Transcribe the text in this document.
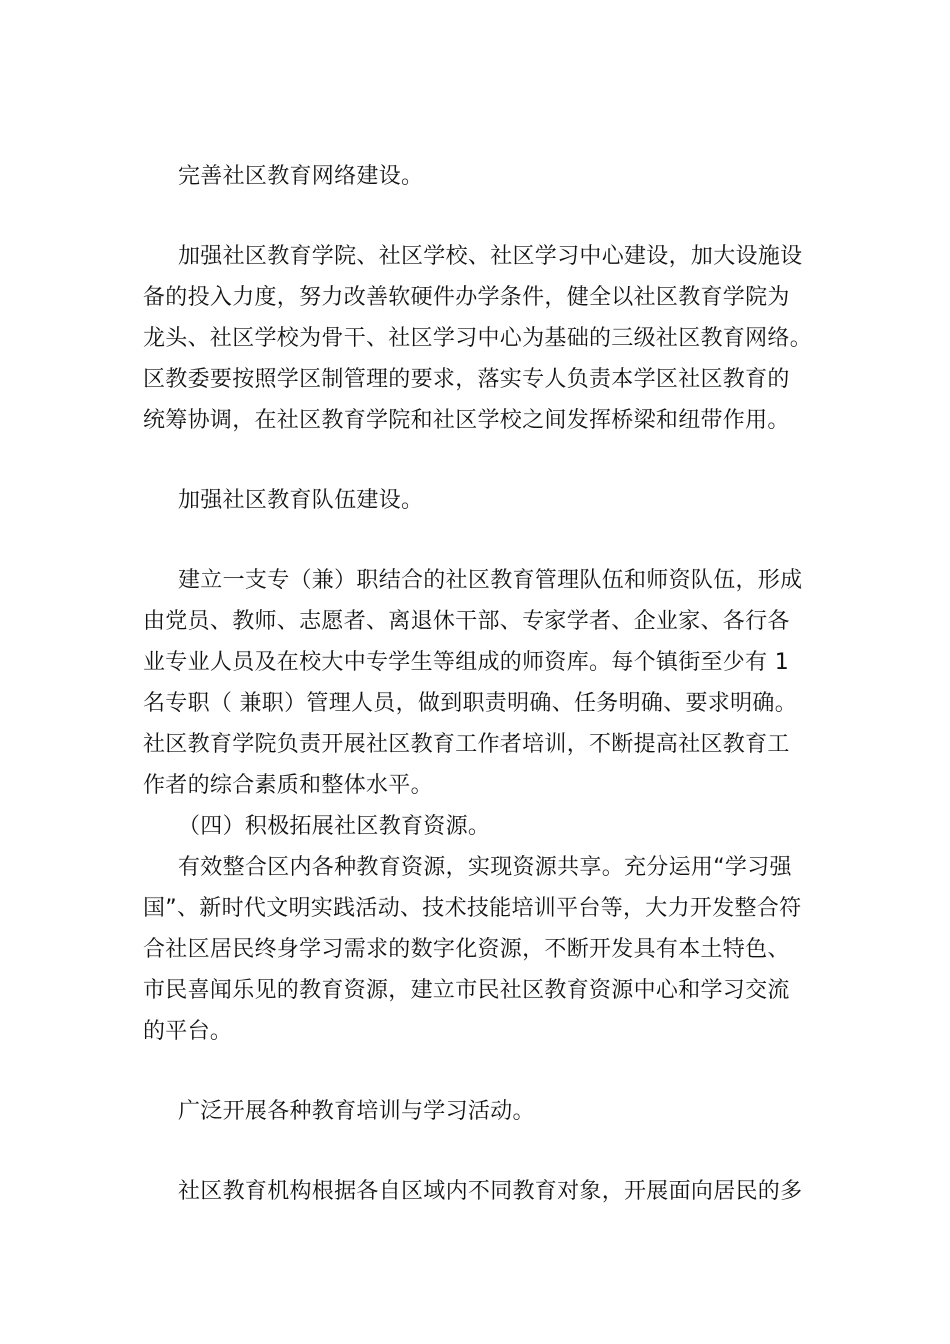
完善社区教育网络建设。
加强社区教育学院、社区学校、社区学习中心建设，加大设施设
备的投入力度，努力改善软硬件办学条件，健全以社区教育学院为
龙头、社区学校为骨干、社区学习中心为基础的三级社区教育网络。
区教委要按照学区制管理的要求，落实专人负责本学区社区教育的
统筹协调，在社区教育学院和社区学校之间发挥桥梁和纽带作用。
加强社区教育队伍建设。
建立一支专（兼）职结合的社区教育管理队伍和师资队伍，形成
由党员、教师、志愿者、离退休干部、专家学者、企业家、各行各
业专业人员及在校大中专学生等组成的师资库。每个镇街至少有 1
名专职（ 兼职）管理人员，做到职责明确、任务明确、要求明确。
社区教育学院负责开展社区教育工作者培训，不断提高社区教育工
作者的综合素质和整体水平。
（四）积极拓展社区教育资源。
有效整合区内各种教育资源，实现资源共享。充分运用“学习强
国”、新时代文明实践活动、技术技能培训平台等，大力开发整合符
合社区居民终身学习需求的数字化资源，不断开发具有本土特色、
市民喜闻乐见的教育资源，建立市民社区教育资源中心和学习交流
的平台。
广泛开展各种教育培训与学习活动。
社区教育机构根据各自区域内不同教育对象，开展面向居民的多
